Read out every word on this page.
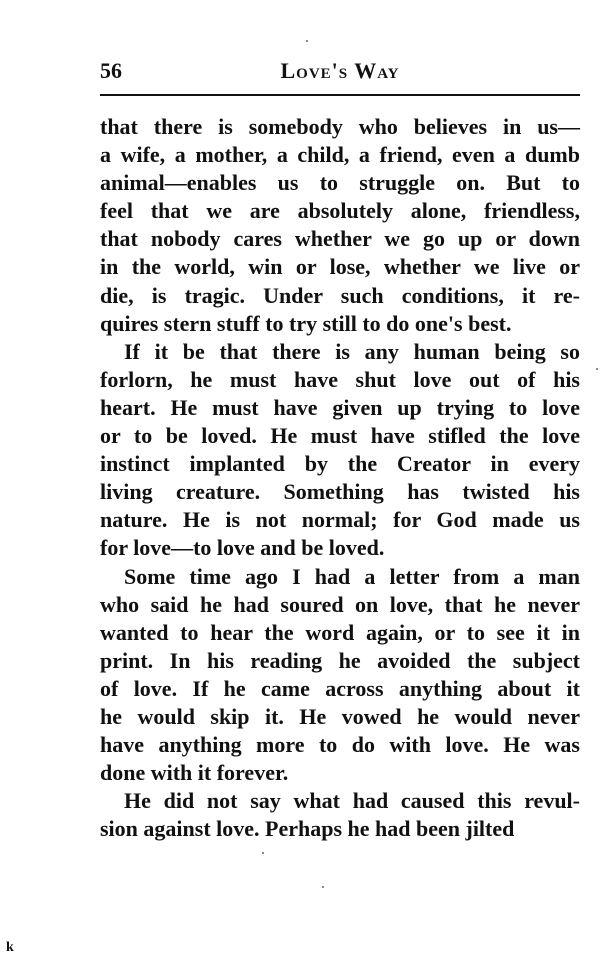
56	Love's Way
that there is somebody who believes in us—
a wife, a mother, a child, a friend, even a dumb
animal—enables us to struggle on. But to
feel that we are absolutely alone, friendless,
that nobody cares whether we go up or down
in the world, win or lose, whether we live or
die, is tragic. Under such conditions, it re-
quires stern stuff to try still to do one's best.
If it be that there is any human being so
forlorn, he must have shut love out of his
heart. He must have given up trying to love
or to be loved. He must have stifled the love
instinct implanted by the Creator in every
living creature. Something has twisted his
nature. He is not normal; for God made us
for love—to love and be loved.
Some time ago I had a letter from a man
who said he had soured on love, that he never
wanted to hear the word again, or to see it in
print. In his reading he avoided the subject
of love. If he came across anything about it
he would skip it. He vowed he would never
have anything more to do with love. He was
done with it forever.
He did not say what had caused this revul-
sion against love. Perhaps he had been jilted
k
